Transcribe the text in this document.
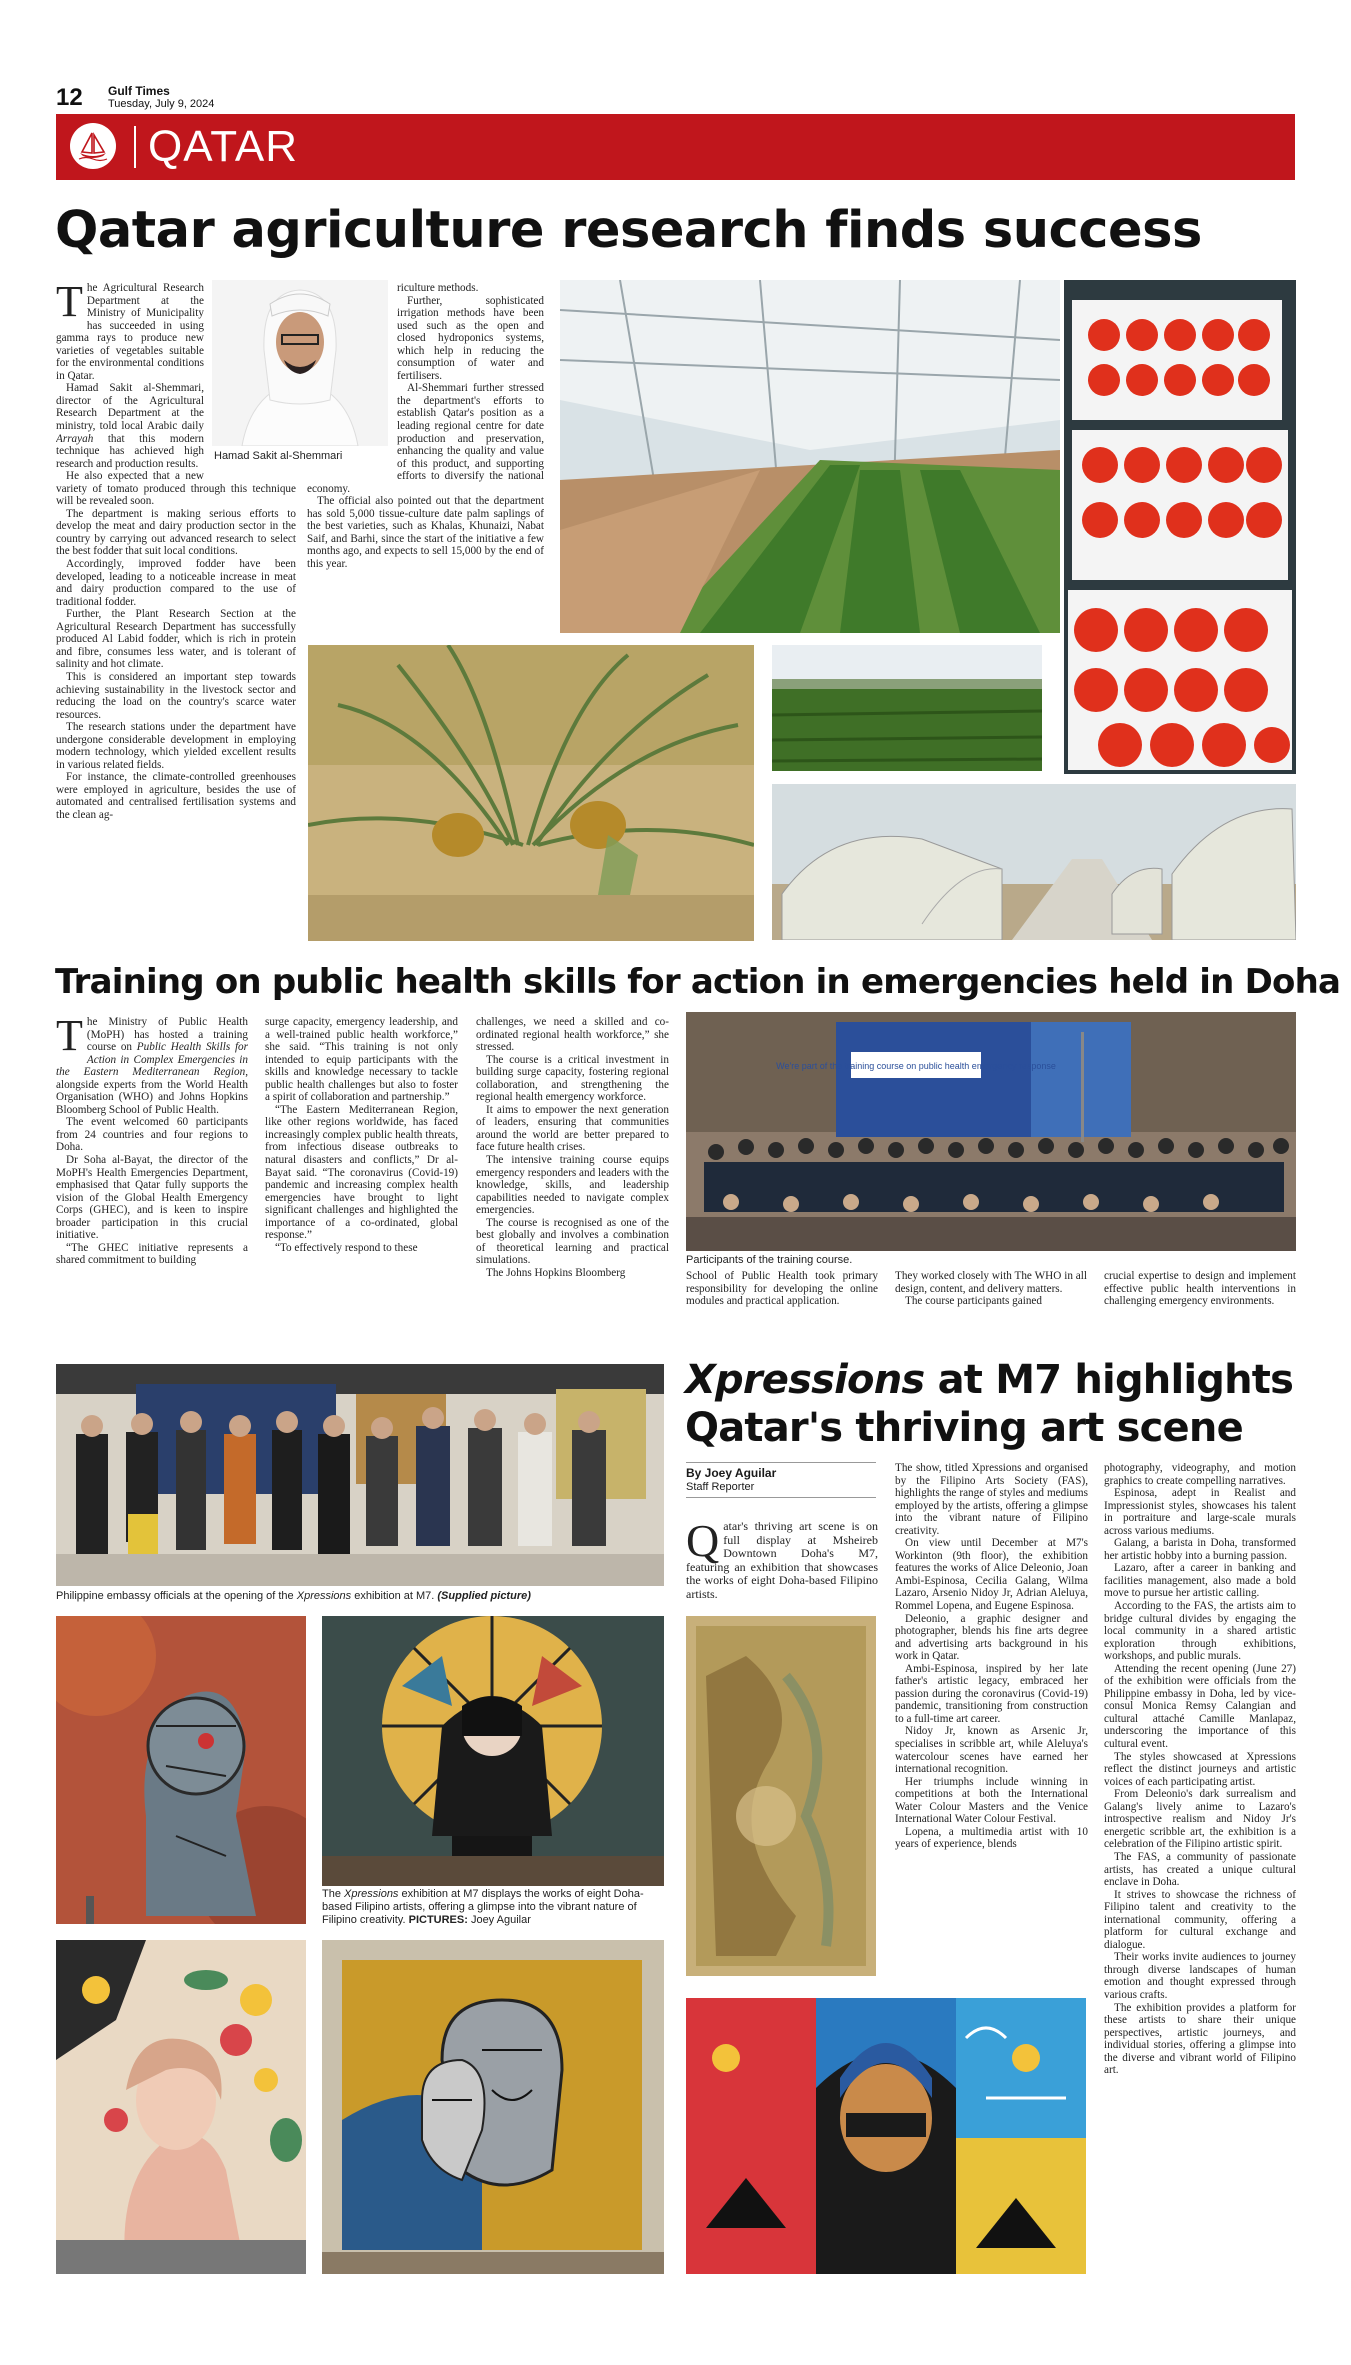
12 Gulf Times
Tuesday, July 9, 2024
QATAR
Qatar agriculture research finds success
Hamad Sakit al-Shemmari
T he Agricultural Research Department at the Ministry of Municipality has succeeded in using gamma rays to produce new varieties of vegetables suitable for the environmental conditions in Qatar.

Hamad Sakit al-Shemmari, director of the Agricultural Research Department at the ministry, told local Arabic daily Arrayah that this modern technique has achieved high research and production results.

He also expected that a new variety of tomato produced through this technique will be revealed soon.

The department is making serious efforts to develop the meat and dairy production sector in the country by carrying out advanced research to select the best fodder that suit local conditions.

Accordingly, improved fodder have been developed, leading to a noticeable increase in meat and dairy production compared to the use of traditional fodder.

Further, the Plant Research Section at the Agricultural Research Department has successfully produced Al Labid fodder, which is rich in protein and fibre, consumes less water, and is tolerant of salinity and hot climate.

This is considered an important step towards achieving sustainability in the livestock sector and reducing the load on the country's scarce water resources.

The research stations under the department have undergone considerable development in employing modern technology, which yielded excellent results in various related fields.

For instance, the climate-controlled greenhouses were employed in agriculture, besides the use of automated and centralised fertilisation systems and the clean ag-

riculture methods.

Further, sophisticated irrigation methods have been used such as the open and closed hydroponics systems, which help in reducing the consumption of water and fertilisers.

Al-Shemmari further stressed the department's efforts to establish Qatar's position as a leading regional centre for date production and preservation, enhancing the quality and value of this product, and supporting efforts to diversify the national economy.

The official also pointed out that the department has sold 5,000 tissue-culture date palm saplings of the best varieties, such as Khalas, Khunaizi, Nabat Saif, and Barhi, since the start of the initiative a few months ago, and expects to sell 15,000 by the end of this year.

Training on public health skills for action in emergencies held in Doha
T he Ministry of Public Health (MoPH) has hosted a training course on Public Health Skills for Action in Complex Emergencies in the Eastern Mediterranean Region, alongside experts from the World Health Organisation (WHO) and Johns Hopkins Bloomberg School of Public Health.

The event welcomed 60 participants from 24 countries and four regions to Doha.

Dr Soha al-Bayat, the director of the MoPH's Health Emergencies Department, emphasised that Qatar fully supports the vision of the Global Health Emergency Corps (GHEC), and is keen to inspire broader participation in this crucial initiative.

“The GHEC initiative represents a shared commitment to building

surge capacity, emergency leadership, and a well-trained public health workforce,” she said. “This training is not only intended to equip participants with the skills and knowledge necessary to tackle public health challenges but also to foster a spirit of collaboration and partnership.”

“The Eastern Mediterranean Region, like other regions worldwide, has faced increasingly complex public health threats, from infectious disease outbreaks to natural disasters and conflicts,” Dr al-Bayat said. “The coronavirus (Covid-19) pandemic and increasing complex health emergencies have brought to light significant challenges and highlighted the importance of a co-ordinated, global response.”

“To effectively respond to these

challenges, we need a skilled and co-ordinated regional health workforce,” she stressed.

The course is a critical investment in building surge capacity, fostering regional collaboration, and strengthening the regional health emergency workforce.

It aims to empower the next generation of leaders, ensuring that communities around the world are better prepared to face future health crises.

The intensive training course equips emergency responders and leaders with the knowledge, skills, and leadership capabilities needed to navigate complex emergencies.

The course is recognised as one of the best globally and involves a combination of theoretical learning and practical simulations.

The Johns Hopkins Bloomberg

We're part of the training course on public health emergency response
Participants of the training course.

School of Public Health took primary responsibility for developing the online modules and practical application.

They worked closely with The WHO in all design, content, and delivery matters.

The course participants gained

crucial expertise to design and implement effective public health interventions in challenging emergency environments.

Philippine embassy officials at the opening of the Xpressions exhibition at M7. (Supplied picture)
The Xpressions exhibition at M7 displays the works of eight Doha-based Filipino artists, offering a glimpse into the vibrant nature of Filipino creativity. PICTURES: Joey Aguilar
Xpressions at M7 highlights
Qatar's thriving art scene
By Joey Aguilar
Staff Reporter
Q atar's thriving art scene is on full display at Msheireb Downtown Doha's M7, featuring an exhibition that showcases the works of eight Doha-based Filipino artists.

The show, titled Xpressions and organised by the Filipino Arts Society (FAS), highlights the range of styles and mediums employed by the artists, offering a glimpse into the vibrant nature of Filipino creativity.

On view until December at M7's Workinton (9th floor), the exhibition features the works of Alice Deleonio, Joan Ambi-Espinosa, Cecilia Galang, Wilma Lazaro, Arsenio Nidoy Jr, Adrian Aleluya, Rommel Lopena, and Eugene Espinosa.

Deleonio, a graphic designer and photographer, blends his fine arts degree and advertising arts background in his work in Qatar.

Ambi-Espinosa, inspired by her late father's artistic legacy, embraced her passion during the coronavirus (Covid-19) pandemic, transitioning from construction to a full-time art career.

Nidoy Jr, known as Arsenic Jr, specialises in scribble art, while Aleluya's watercolour scenes have earned her international recognition.

Her triumphs include winning in competitions at both the International Water Colour Masters and the Venice International Water Colour Festival.

Lopena, a multimedia artist with 10 years of experience, blends

photography, videography, and motion graphics to create compelling narratives.

Espinosa, adept in Realist and Impressionist styles, showcases his talent in portraiture and large-scale murals across various mediums.

Galang, a barista in Doha, transformed her artistic hobby into a burning passion.

Lazaro, after a career in banking and facilities management, also made a bold move to pursue her artistic calling.

According to the FAS, the artists aim to bridge cultural divides by engaging the local community in a shared artistic exploration through exhibitions, workshops, and public murals.

Attending the recent opening (June 27) of the exhibition were officials from the Philippine embassy in Doha, led by vice-consul Monica Remsy Calangian and cultural attaché Camille Manlapaz, underscoring the importance of this cultural event.

The styles showcased at Xpressions reflect the distinct journeys and artistic voices of each participating artist.

From Deleonio's dark surrealism and Galang's lively anime to Lazaro's introspective realism and Nidoy Jr's energetic scribble art, the exhibition is a celebration of the Filipino artistic spirit.

The FAS, a community of passionate artists, has created a unique cultural enclave in Doha.

It strives to showcase the richness of Filipino talent and creativity to the international community, offering a platform for cultural exchange and dialogue.

Their works invite audiences to journey through diverse landscapes of human emotion and thought expressed through various crafts.

The exhibition provides a platform for these artists to share their unique perspectives, artistic journeys, and individual stories, offering a glimpse into the diverse and vibrant world of Filipino art.
